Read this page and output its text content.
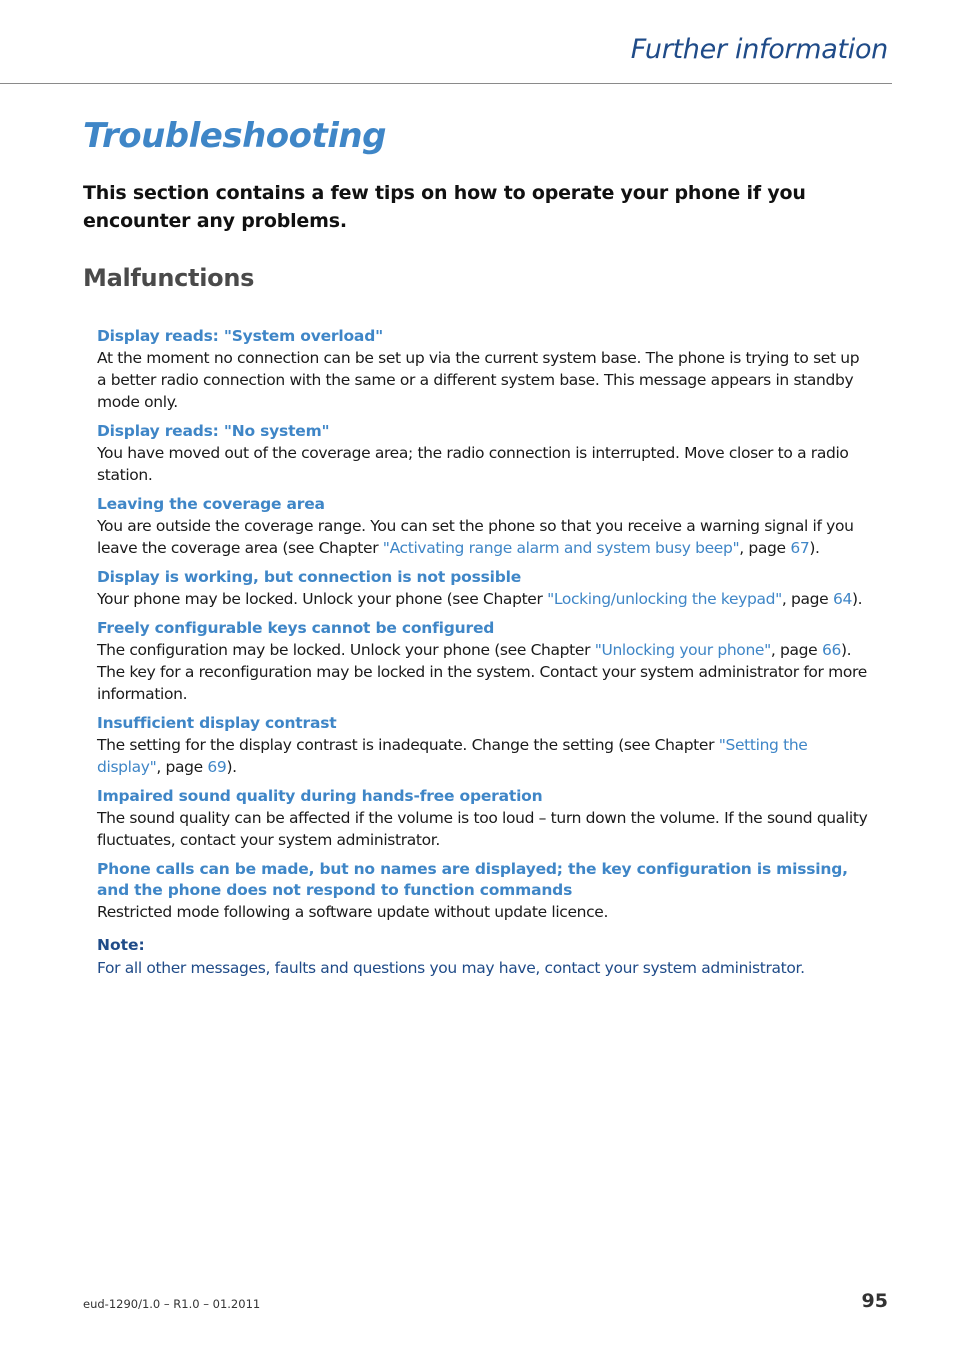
Further information
Troubleshooting

This section contains a few tips on how to operate your phone if you encounter any problems.

Malfunctions
Display reads: "System overload"
At the moment no connection can be set up via the current system base. The phone is trying to set up a better radio connection with the same or a different system base. This message appears in standby mode only.
Display reads: "No system"
You have moved out of the coverage area; the radio connection is interrupted. Move closer to a radio station.
Leaving the coverage area
You are outside the coverage range. You can set the phone so that you receive a warning signal if you leave the coverage area (see Chapter "Activating range alarm and system busy beep", page 67).
Display is working, but connection is not possible
Your phone may be locked. Unlock your phone (see Chapter "Locking/unlocking the keypad", page 64).
Freely configurable keys cannot be configured
The configuration may be locked. Unlock your phone (see Chapter "Unlocking your phone", page 66). The key for a reconfiguration may be locked in the system. Contact your system administrator for more information.
Insufficient display contrast
The setting for the display contrast is inadequate. Change the setting (see Chapter "Setting the display", page 69).
Impaired sound quality during hands-free operation
The sound quality can be affected if the volume is too loud – turn down the volume. If the sound quality fluctuates, contact your system administrator.
Phone calls can be made, but no names are displayed; the key configuration is missing, and the phone does not respond to function commands
Restricted mode following a software update without update licence.
Note:
For all other messages, faults and questions you may have, contact your system administrator.
eud-1290/1.0 – R1.0 – 01.2011	95
